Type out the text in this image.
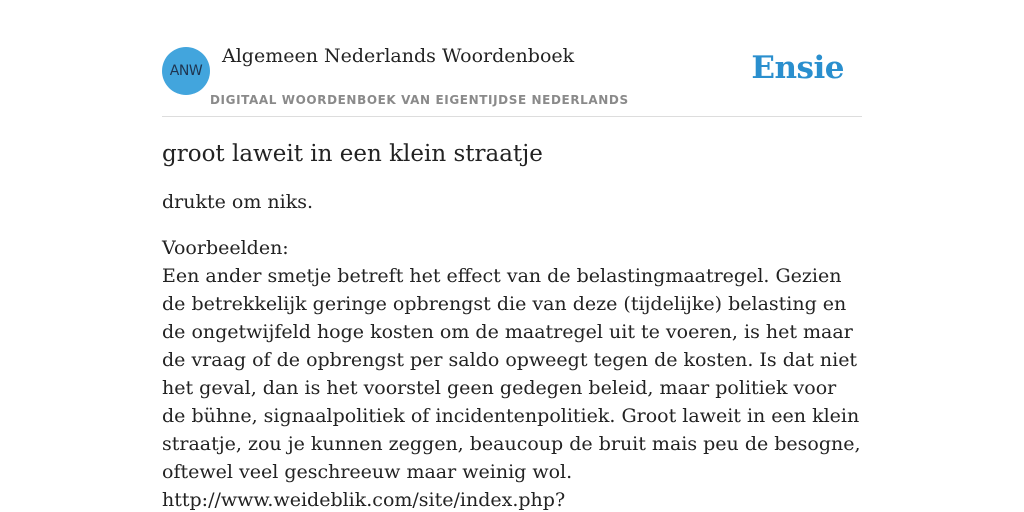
ANW
Algemeen Nederlands Woordenboek
DIGITAAL WOORDENBOEK VAN EIGENTIJDSE NEDERLANDS
Ensie
groot laweit in een klein straatje

drukte om niks.

Voorbeelden:
Een ander smetje betreft het effect van de belastingmaatregel. Gezien de betrekkelijk geringe opbrengst die van deze (tijdelijke) belasting en de ongetwijfeld hoge kosten om de maatregel uit te voeren, is het maar de vraag of de opbrengst per saldo opweegt tegen de kosten. Is dat niet het geval, dan is het voorstel geen gedegen beleid, maar politiek voor de bühne, signaalpolitiek of incidentenpolitiek. Groot laweit in een klein straatje, zou je kunnen zeggen, beaucoup de bruit mais peu de besogne, oftewel veel geschreeuw maar weinig wol.
http://www.weideblik.com/site/index.php?
